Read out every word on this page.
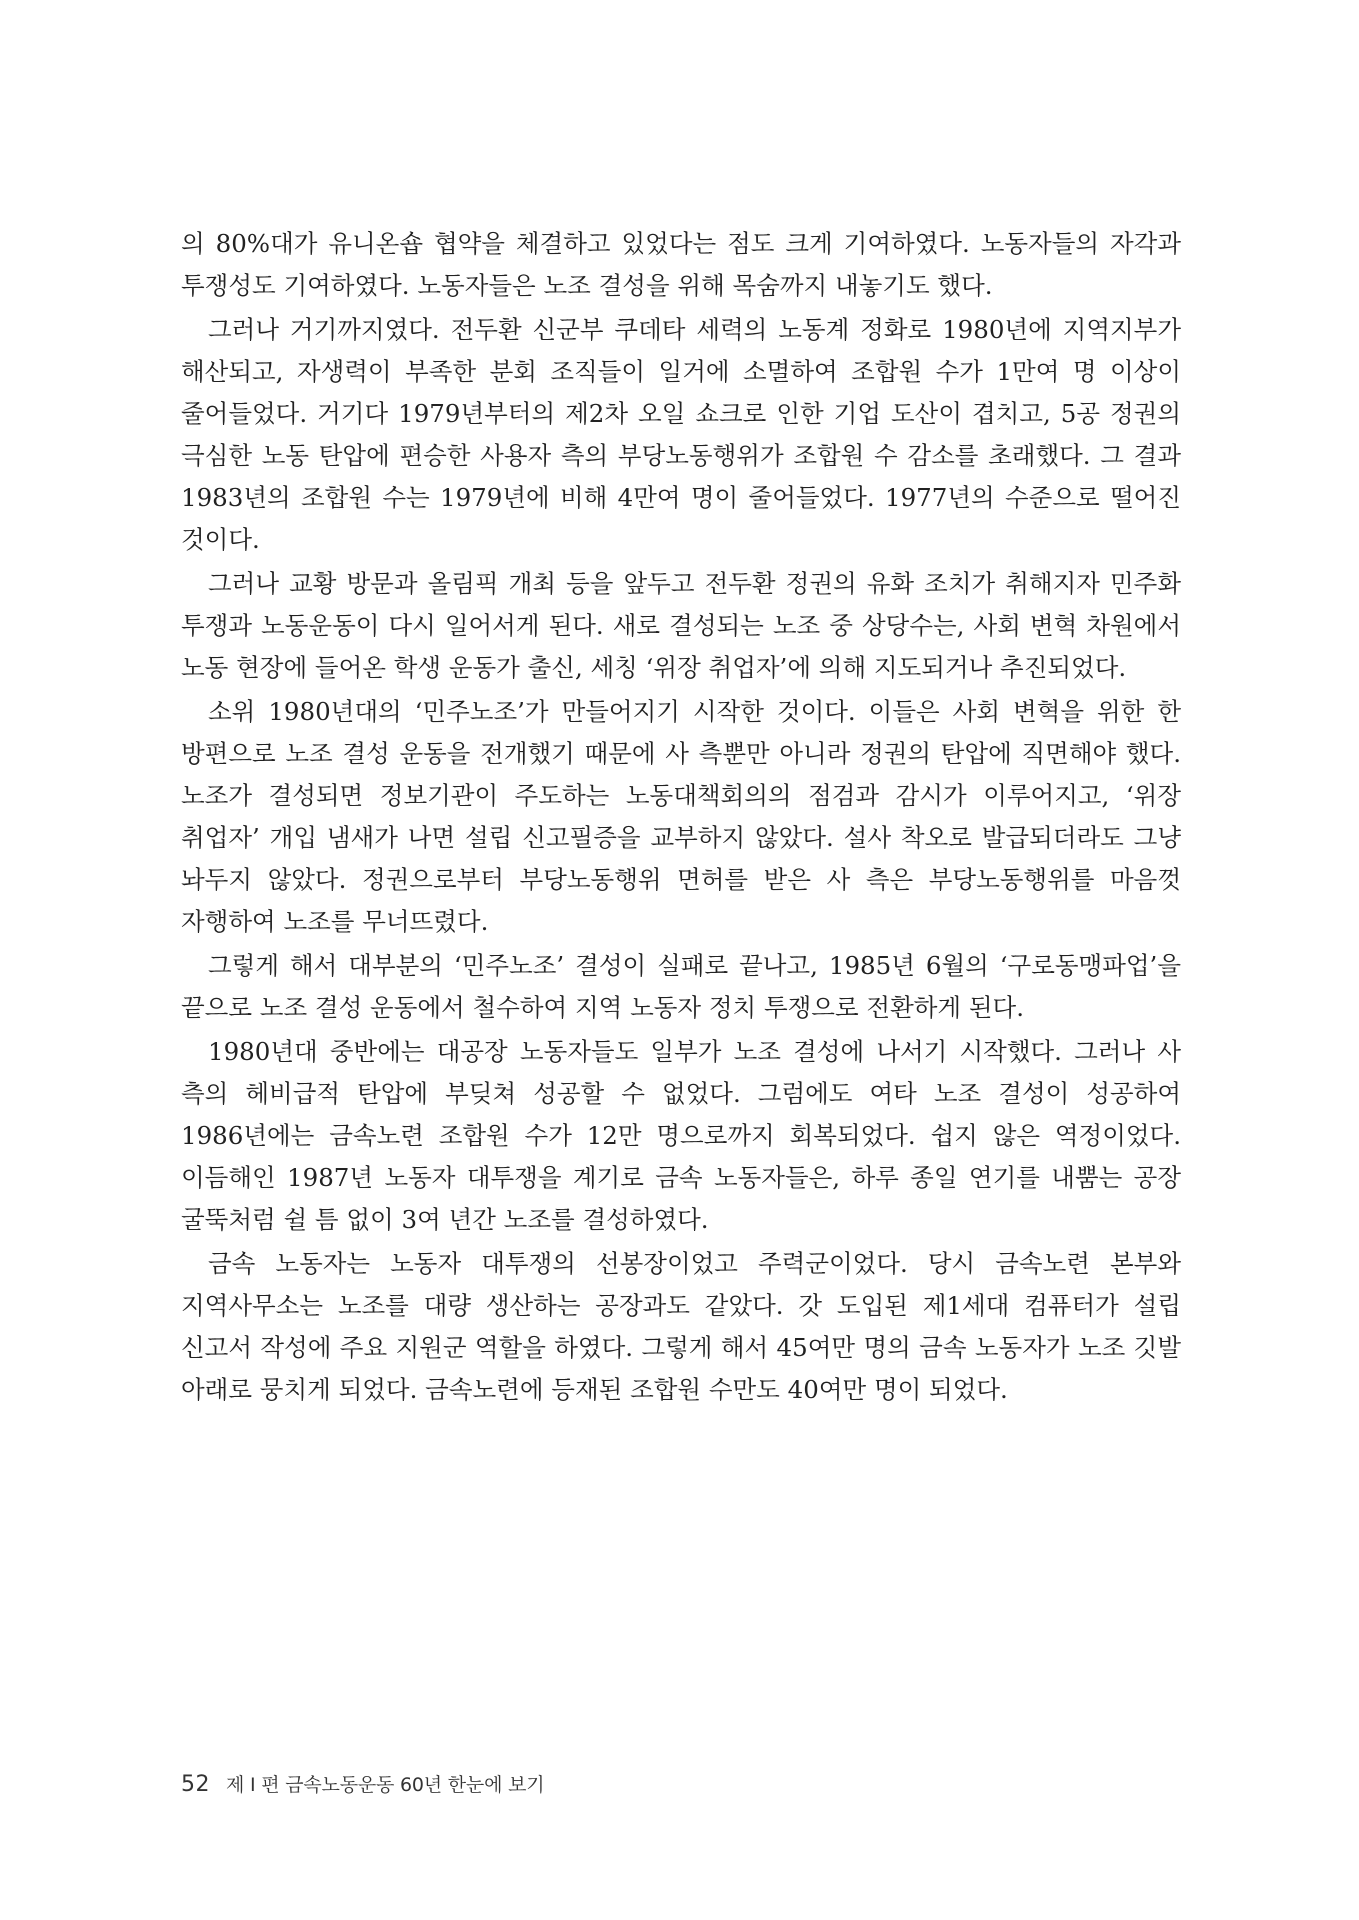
의 80%대가 유니온숍 협약을 체결하고 있었다는 점도 크게 기여하였다. 노동자들의 자각과 투쟁성도 기여하였다. 노동자들은 노조 결성을 위해 목숨까지 내놓기도 했다.

그러나 거기까지였다. 전두환 신군부 쿠데타 세력의 노동계 정화로 1980년에 지역지부가 해산되고, 자생력이 부족한 분회 조직들이 일거에 소멸하여 조합원 수가 1만여 명 이상이 줄어들었다. 거기다 1979년부터의 제2차 오일 쇼크로 인한 기업 도산이 겹치고, 5공 정권의 극심한 노동 탄압에 편승한 사용자 측의 부당노동행위가 조합원 수 감소를 초래했다. 그 결과 1983년의 조합원 수는 1979년에 비해 4만여 명이 줄어들었다. 1977년의 수준으로 떨어진 것이다.

그러나 교황 방문과 올림픽 개최 등을 앞두고 전두환 정권의 유화 조치가 취해지자 민주화 투쟁과 노동운동이 다시 일어서게 된다. 새로 결성되는 노조 중 상당수는, 사회 변혁 차원에서 노동 현장에 들어온 학생 운동가 출신, 세칭 ‘위장 취업자’에 의해 지도되거나 추진되었다.

소위 1980년대의 ‘민주노조’가 만들어지기 시작한 것이다. 이들은 사회 변혁을 위한 한 방편으로 노조 결성 운동을 전개했기 때문에 사 측뿐만 아니라 정권의 탄압에 직면해야 했다. 노조가 결성되면 정보기관이 주도하는 노동대책회의의 점검과 감시가 이루어지고, ‘위장 취업자’ 개입 냄새가 나면 설립 신고필증을 교부하지 않았다. 설사 착오로 발급되더라도 그냥 놔두지 않았다. 정권으로부터 부당노동행위 면허를 받은 사 측은 부당노동행위를 마음껏 자행하여 노조를 무너뜨렸다.

그렇게 해서 대부분의 ‘민주노조’ 결성이 실패로 끝나고, 1985년 6월의 ‘구로동맹파업’을 끝으로 노조 결성 운동에서 철수하여 지역 노동자 정치 투쟁으로 전환하게 된다.

1980년대 중반에는 대공장 노동자들도 일부가 노조 결성에 나서기 시작했다. 그러나 사 측의 헤비급적 탄압에 부딪쳐 성공할 수 없었다. 그럼에도 여타 노조 결성이 성공하여 1986년에는 금속노련 조합원 수가 12만 명으로까지 회복되었다. 쉽지 않은 역정이었다. 이듬해인 1987년 노동자 대투쟁을 계기로 금속 노동자들은, 하루 종일 연기를 내뿜는 공장 굴뚝처럼 쉴 틈 없이 3여 년간 노조를 결성하였다.

금속 노동자는 노동자 대투쟁의 선봉장이었고 주력군이었다. 당시 금속노련 본부와 지역사무소는 노조를 대량 생산하는 공장과도 같았다. 갓 도입된 제1세대 컴퓨터가 설립 신고서 작성에 주요 지원군 역할을 하였다. 그렇게 해서 45여만 명의 금속 노동자가 노조 깃발 아래로 뭉치게 되었다. 금속노련에 등재된 조합원 수만도 40여만 명이 되었다.

52 제 I 편 금속노동운동 60년 한눈에 보기
